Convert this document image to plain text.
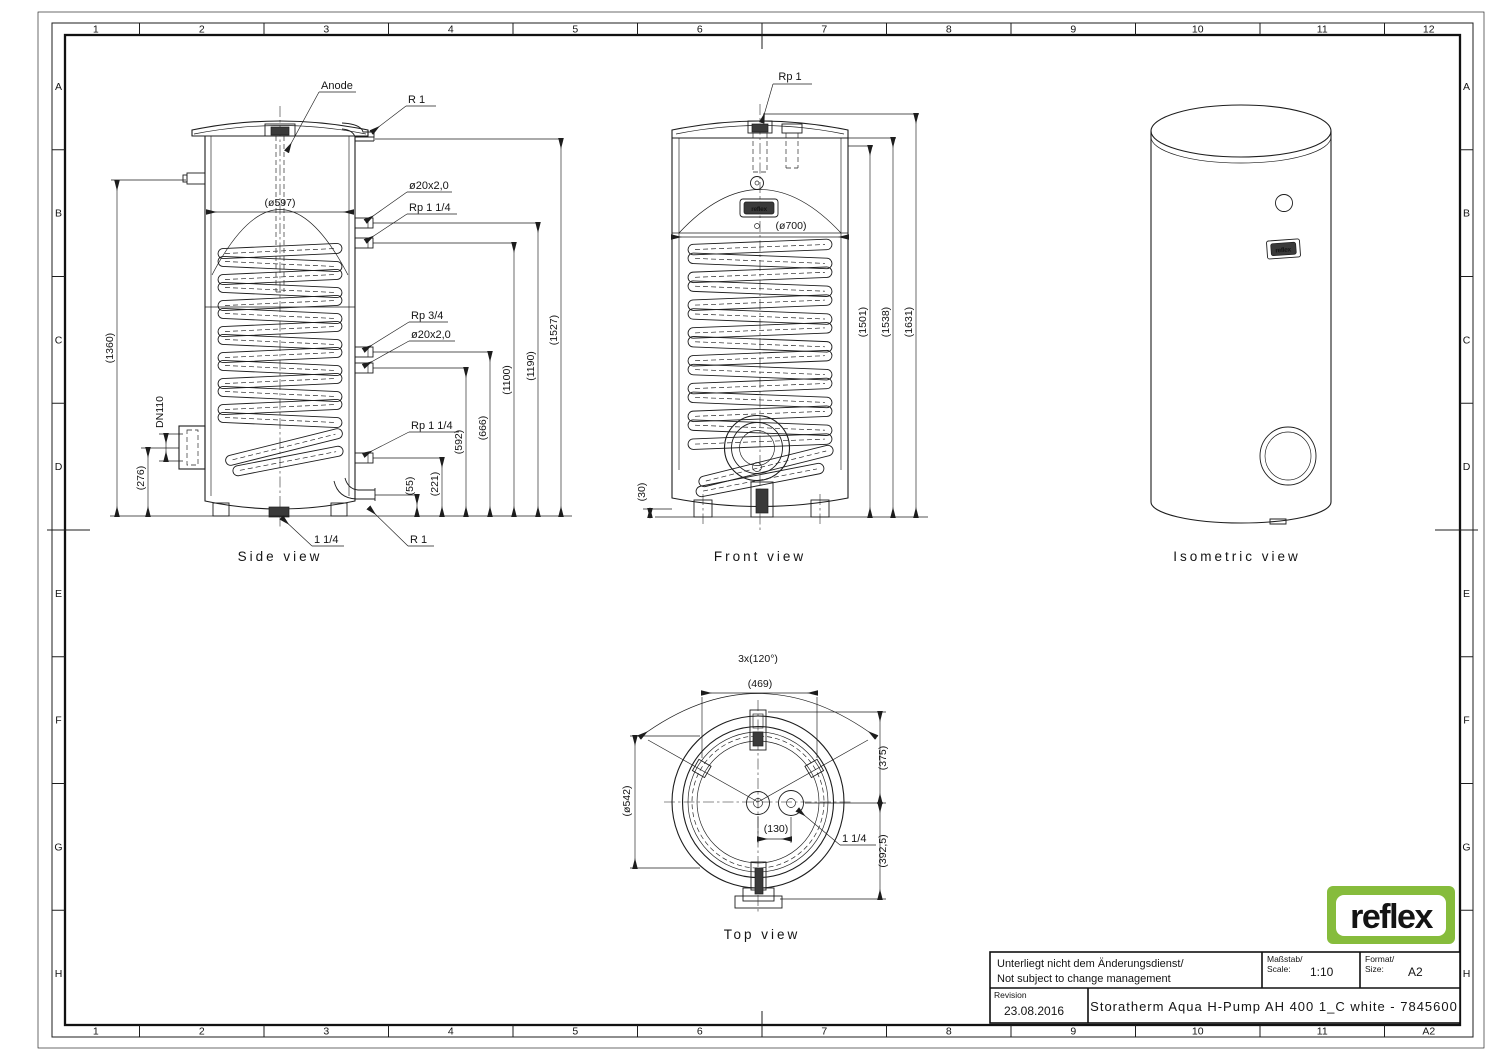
1
1
2
2
3
3
4
4
5
5
6
6
7
7
8
8
9
9
10
10
11
11
12
A2
A	A
B	B
C	C
D	D
E	E
F	F
G	G
H	H
(55) (221)
(592)
(666)
(1100) (1190)
(1527)
(1360)
(276)
DN110
(ø597)
Anode
R 1
ø20x2,0
Rp 1 1/4
Rp 3/4
ø20x2,0
Rp 1 1/4
1 1/4	R 1
Side view
reflex
(ø700)
(1501) (1538) (1631)
(30)
Rp 1
Front view
reflex
Isometric view
3x(120°)
(469)
(375)
(392,5)
(ø542)
(130)
1 1/4
Top view
Unterliegt nicht dem Änderungsdienst/
Not subject to change management
Maßstab/
Scale: 1:10
Format/
Size: A2
Revision
23.08.2016 Storatherm Aqua H-Pump AH 400 1_C white - 7845600
reflex
